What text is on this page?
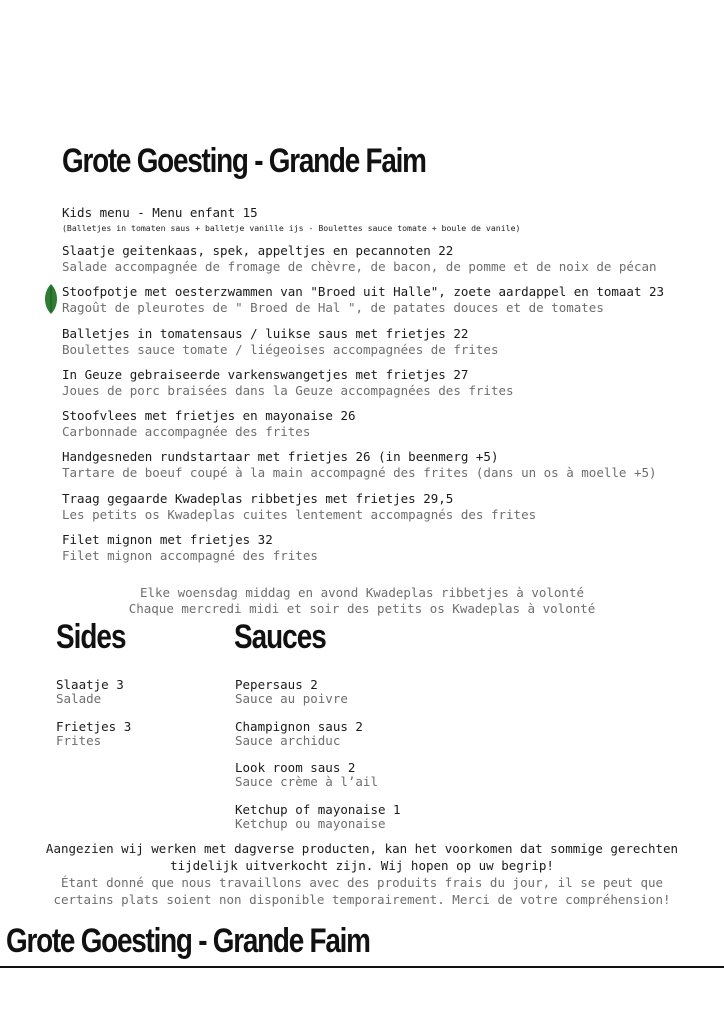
Grote Goesting - Grande Faim
Kids menu - Menu enfant 15
(Balletjes in tomaten saus + balletje vanille ijs - Boulettes sauce tomate + boule de vanile)
Slaatje geitenkaas, spek, appeltjes en pecannoten 22
Salade accompagnée de fromage de chèvre, de bacon, de pomme et de noix de pécan
Stoofpotje met oesterzwammen van "Broed uit Halle", zoete aardappel en tomaat 23
Ragoût de pleurotes de " Broed de Hal ", de patates douces et de tomates
Balletjes in tomatensaus / luikse saus met frietjes 22
Boulettes sauce tomate / liégeoises accompagnées de frites
In Geuze gebraiseerde varkenswangetjes met frietjes 27
Joues de porc braisées dans la Geuze accompagnées des frites
Stoofvlees met frietjes en mayonaise 26
Carbonnade accompagnée des frites
Handgesneden rundstartaar met frietjes 26 (in beenmerg +5)
Tartare de boeuf coupé à la main accompagné des frites (dans un os à moelle +5)
Traag gegaarde Kwadeplas ribbetjes met frietjes 29,5
Les petits os Kwadeplas cuites lentement accompagnés des frites
Filet mignon met frietjes 32
Filet mignon accompagné des frites
Elke woensdag middag en avond Kwadeplas ribbetjes à volonté
Chaque mercredi midi et soir des petits os Kwadeplas à volonté
Sides	Sauces
Slaatje 3
Salade
Frietjes 3
Frites
Pepersaus 2
Sauce au poivre
Champignon saus 2
Sauce archiduc
Look room saus 2
Sauce crème à l’ail
Ketchup of mayonaise 1
Ketchup ou mayonaise
Aangezien wij werken met dagverse producten, kan het voorkomen dat sommige gerechten
tijdelijk uitverkocht zijn. Wij hopen op uw begrip!
Étant donné que nous travaillons avec des produits frais du jour, il se peut que
certains plats soient non disponible temporairement. Merci de votre compréhension!
Grote Goesting - Grande Faim
